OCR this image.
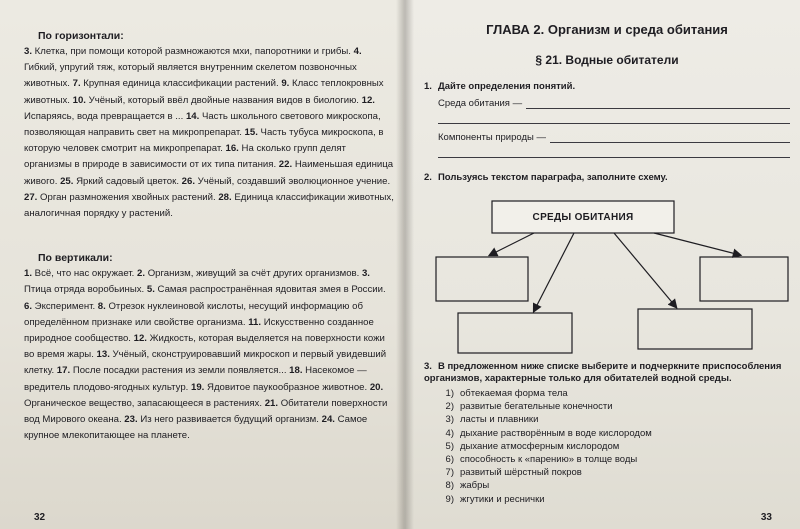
По горизонтали:

3. Клетка, при помощи которой размножаются мхи, папоротники и грибы. 4. Гибкий, упругий тяж, который является внутренним скелетом позвоночных животных. 7. Крупная единица классификации растений. 9. Класс теплокровных животных. 10. Учёный, который ввёл двойные названия видов в биологию. 12. Испаряясь, вода превращается в ... 14. Часть школьного светового микроскопа, позволяющая направить свет на микропрепарат. 15. Часть тубуса микроскопа, в которую человек смотрит на микропрепарат. 16. На сколько групп делят организмы в природе в зависимости от их типа питания. 22. Наименьшая единица живого. 25. Яркий садовый цветок. 26. Учёный, создавший эволюционное учение. 27. Орган размножения хвойных растений. 28. Единица классификации животных, аналогичная порядку у растений.

По вертикали:

1. Всё, что нас окружает. 2. Организм, живущий за счёт других организмов. 3. Птица отряда воробьиных. 5. Самая распространённая ядовитая змея в России. 6. Эксперимент. 8. Отрезок нуклеиновой кислоты, несущий информацию об определённом признаке или свойстве организма. 11. Искусственно созданное природное сообщество. 12. Жидкость, которая выделяется на поверхности кожи во время жары. 13. Учёный, сконструировавший микроскоп и первый увидевший клетку. 17. После посадки растения из земли появляется... 18. Насекомое — вредитель плодово-ягодных культур. 19. Ядовитое паукообразное животное. 20. Органическое вещество, запасающееся в растениях. 21. Обитатели поверхности вод Мирового океана. 23. Из него развивается будущий организм. 24. Самое крупное млекопитающее на планете.

32
ГЛАВА 2. Организм и среда обитания
§ 21. Водные обитатели
1. Дайте определения понятий.
Среда обитания —
Компоненты природы —
2. Пользуясь текстом параграфа, заполните схему.
СРЕДЫ ОБИТАНИЯ
3. В предложенном ниже списке выберите и подчеркните приспособления организмов, характерные только для обитателей водной среды.
1) обтекаемая форма тела
2) развитые бегательные конечности
3) ласты и плавники
4) дыхание растворённым в воде кислородом
5) дыхание атмосферным кислородом
6) способность к «парению» в толще воды
7) развитый шёрстный покров
8) жабры
9) жгутики и реснички
33
